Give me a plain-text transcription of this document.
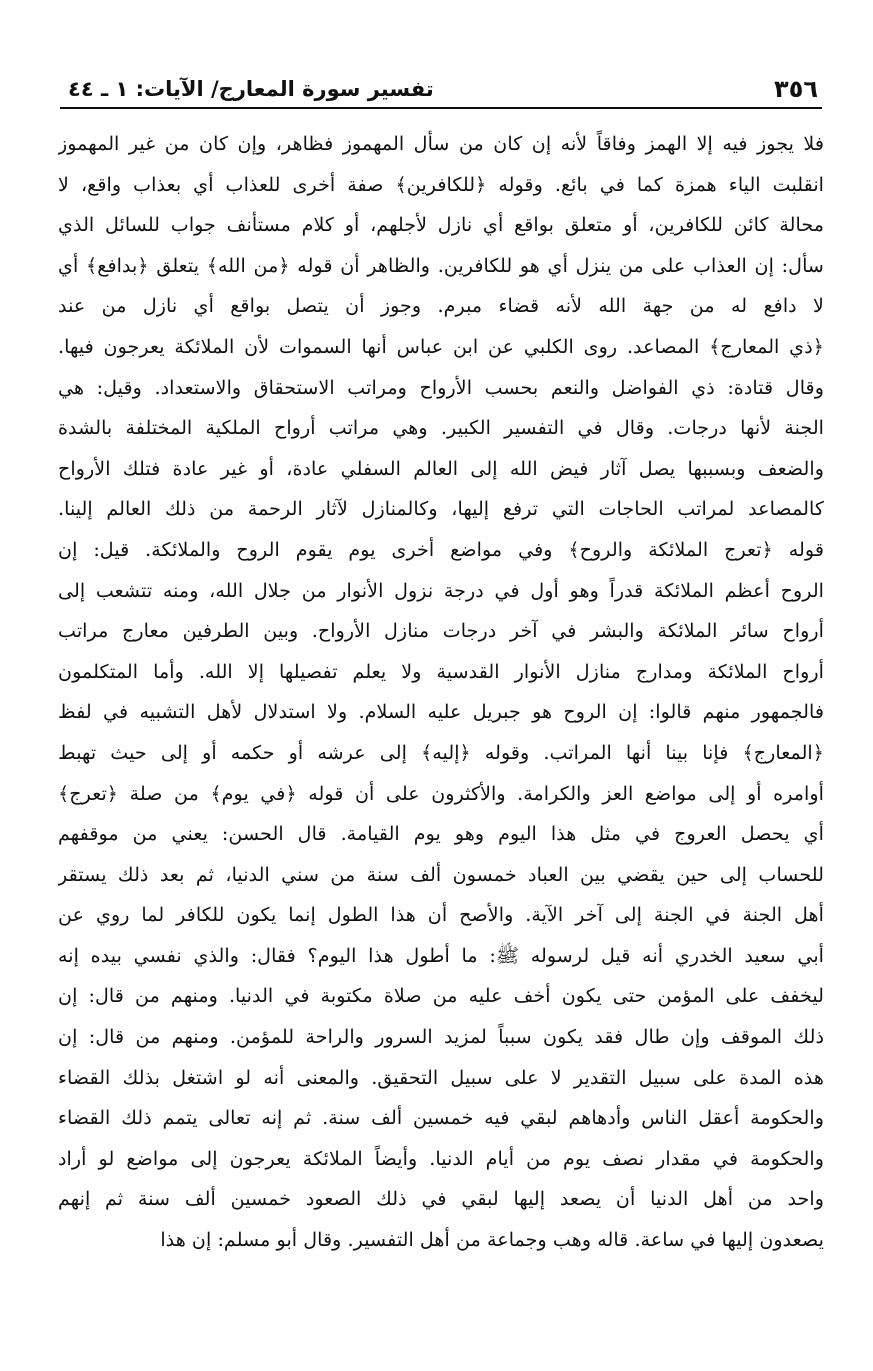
٣٥٦
تفسير سورة المعارج/ الآيات: ١ ـ ٤٤
فلا يجوز فيه إلا الهمز وفاقاً لأنه إن كان من سأل المهموز فظاهر، وإن كان من غير المهموز
انقلبت الياء همزة كما في بائع. وقوله ﴿للكافرين﴾ صفة أخرى للعذاب أي بعذاب واقع، لا
محالة كائن للكافرين، أو متعلق بواقع أي نازل لأجلهم، أو كلام مستأنف جواب للسائل الذي
سأل: إن العذاب على من ينزل أي هو للكافرين. والظاهر أن قوله ﴿من الله﴾ يتعلق ﴿بدافع﴾ أي
لا دافع له من جهة الله لأنه قضاء مبرم. وجوز أن يتصل بواقع أي نازل من عند
﴿ذي المعارج﴾ المصاعد. روى الكلبي عن ابن عباس أنها السموات لأن الملائكة يعرجون فيها.
وقال قتادة: ذي الفواضل والنعم بحسب الأرواح ومراتب الاستحقاق والاستعداد. وقيل: هي
الجنة لأنها درجات. وقال في التفسير الكبير. وهي مراتب أرواح الملكية المختلفة بالشدة
والضعف وبسببها يصل آثار فيض الله إلى العالم السفلي عادة، أو غير عادة فتلك الأرواح
كالمصاعد لمراتب الحاجات التي ترفع إليها، وكالمنازل لآثار الرحمة من ذلك العالم إلينا.
قوله ﴿تعرج الملائكة والروح﴾ وفي مواضع أخرى يوم يقوم الروح والملائكة. قيل: إن
الروح أعظم الملائكة قدراً وهو أول في درجة نزول الأنوار من جلال الله، ومنه تتشعب إلى
أرواح سائر الملائكة والبشر في آخر درجات منازل الأرواح. وبين الطرفين معارج مراتب
أرواح الملائكة ومدارج منازل الأنوار القدسية ولا يعلم تفصيلها إلا الله. وأما المتكلمون
فالجمهور منهم قالوا: إن الروح هو جبريل عليه السلام. ولا استدلال لأهل التشبيه في لفظ
﴿المعارج﴾ فإنا بينا أنها المراتب. وقوله ﴿إليه﴾ إلى عرشه أو حكمه أو إلى حيث تهبط
أوامره أو إلى مواضع العز والكرامة. والأكثرون على أن قوله ﴿في يوم﴾ من صلة ﴿تعرج﴾
أي يحصل العروج في مثل هذا اليوم وهو يوم القيامة. قال الحسن: يعني من موقفهم
للحساب إلى حين يقضي بين العباد خمسون ألف سنة من سني الدنيا، ثم بعد ذلك يستقر
أهل الجنة في الجنة إلى آخر الآية. والأصح أن هذا الطول إنما يكون للكافر لما روي عن
أبي سعيد الخدري أنه قيل لرسوله ﷺ: ما أطول هذا اليوم؟ فقال: والذي نفسي بيده إنه
ليخفف على المؤمن حتى يكون أخف عليه من صلاة مكتوبة في الدنيا. ومنهم من قال: إن
ذلك الموقف وإن طال فقد يكون سبباً لمزيد السرور والراحة للمؤمن. ومنهم من قال: إن
هذه المدة على سبيل التقدير لا على سبيل التحقيق. والمعنى أنه لو اشتغل بذلك القضاء
والحكومة أعقل الناس وأدهاهم لبقي فيه خمسين ألف سنة. ثم إنه تعالى يتمم ذلك القضاء
والحكومة في مقدار نصف يوم من أيام الدنيا. وأيضاً الملائكة يعرجون إلى مواضع لو أراد
واحد من أهل الدنيا أن يصعد إليها لبقي في ذلك الصعود خمسين ألف سنة ثم إنهم
يصعدون إليها في ساعة. قاله وهب وجماعة من أهل التفسير. وقال أبو مسلم: إن هذا
